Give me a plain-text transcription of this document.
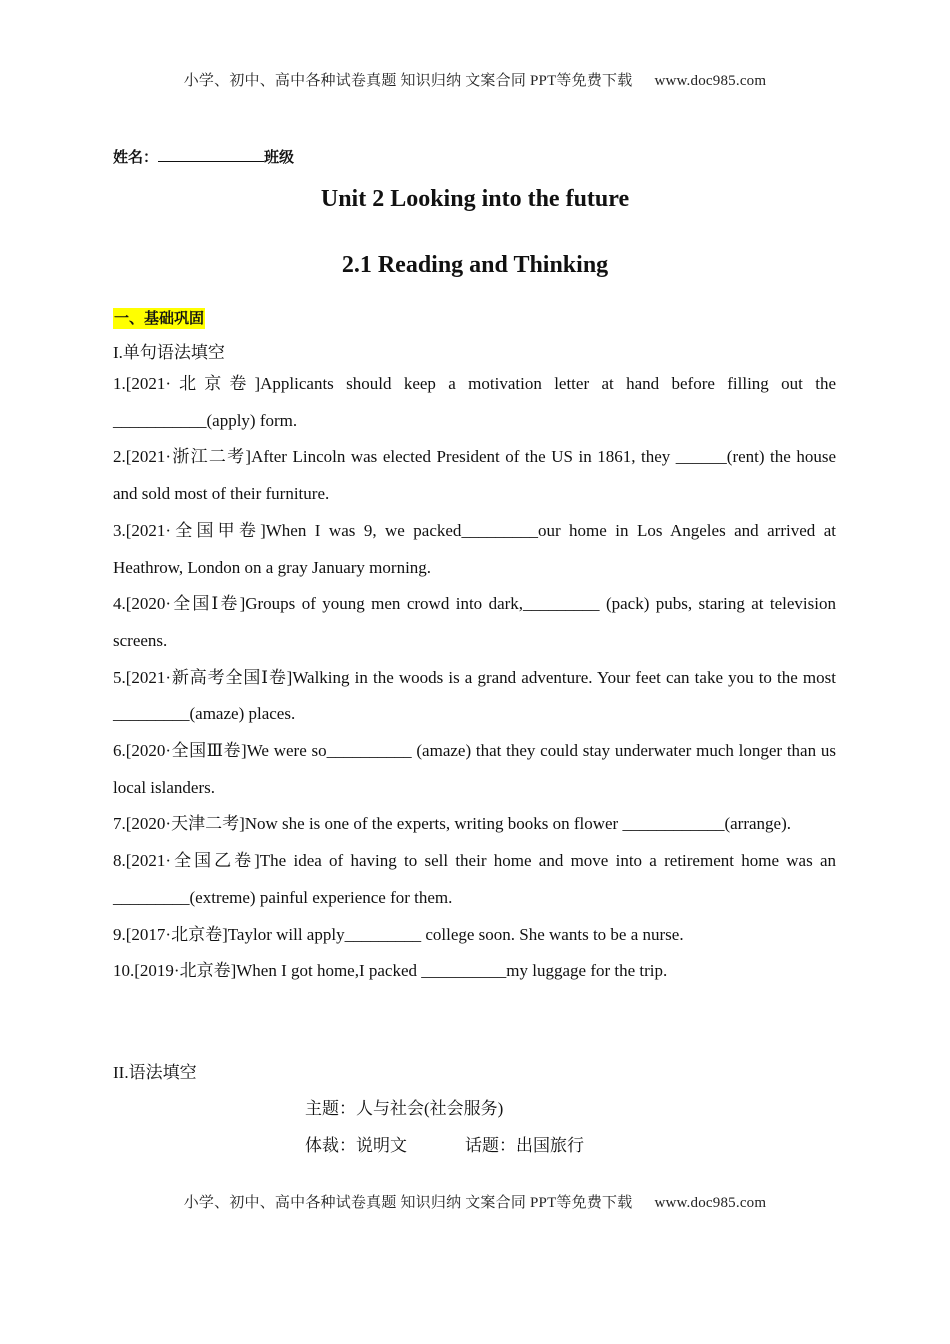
小学、初中、高中各种试卷真题 知识归纳 文案合同 PPT等免费下载 www.doc985.com
姓名：	班级
Unit 2 Looking into the future
2.1 Reading and Thinking
一、基础巩固
I.单句语法填空

1.[2021·北京卷]Applicants should keep a motivation letter at hand before filling out the ___________(apply) form.

2.[2021·浙江二考]After Lincoln was elected President of the US in 1861, they ______(rent) the house and sold most of their furniture.

3.[2021·全国甲卷]When I was 9, we packed_________our home in Los Angeles and arrived at Heathrow, London on a gray January morning.

4.[2020·全国Ⅰ卷]Groups of young men crowd into dark,_________ (pack) pubs, staring at television screens.

5.[2021·新高考全国Ⅰ卷]Walking in the woods is a grand adventure. Your feet can take you to the most _________(amaze) places.

6.[2020·全国Ⅲ卷]We were so__________ (amaze) that they could stay underwater much longer than us local islanders.

7.[2020·天津二考]Now she is one of the experts, writing books on flower ____________(arrange).

8.[2021·全国乙卷]The idea of having to sell their home and move into a retirement home was an _________(extreme) painful experience for them.

9.[2017·北京卷]Taylor will apply_________ college soon. She wants to be a nurse.

10.[2019·北京卷]When I got home,I packed __________my luggage for the trip.

II.语法填空
主题：人与社会(社会服务)
体裁：说明文	话题：出国旅行
小学、初中、高中各种试卷真题 知识归纳 文案合同 PPT等免费下载 www.doc985.com
